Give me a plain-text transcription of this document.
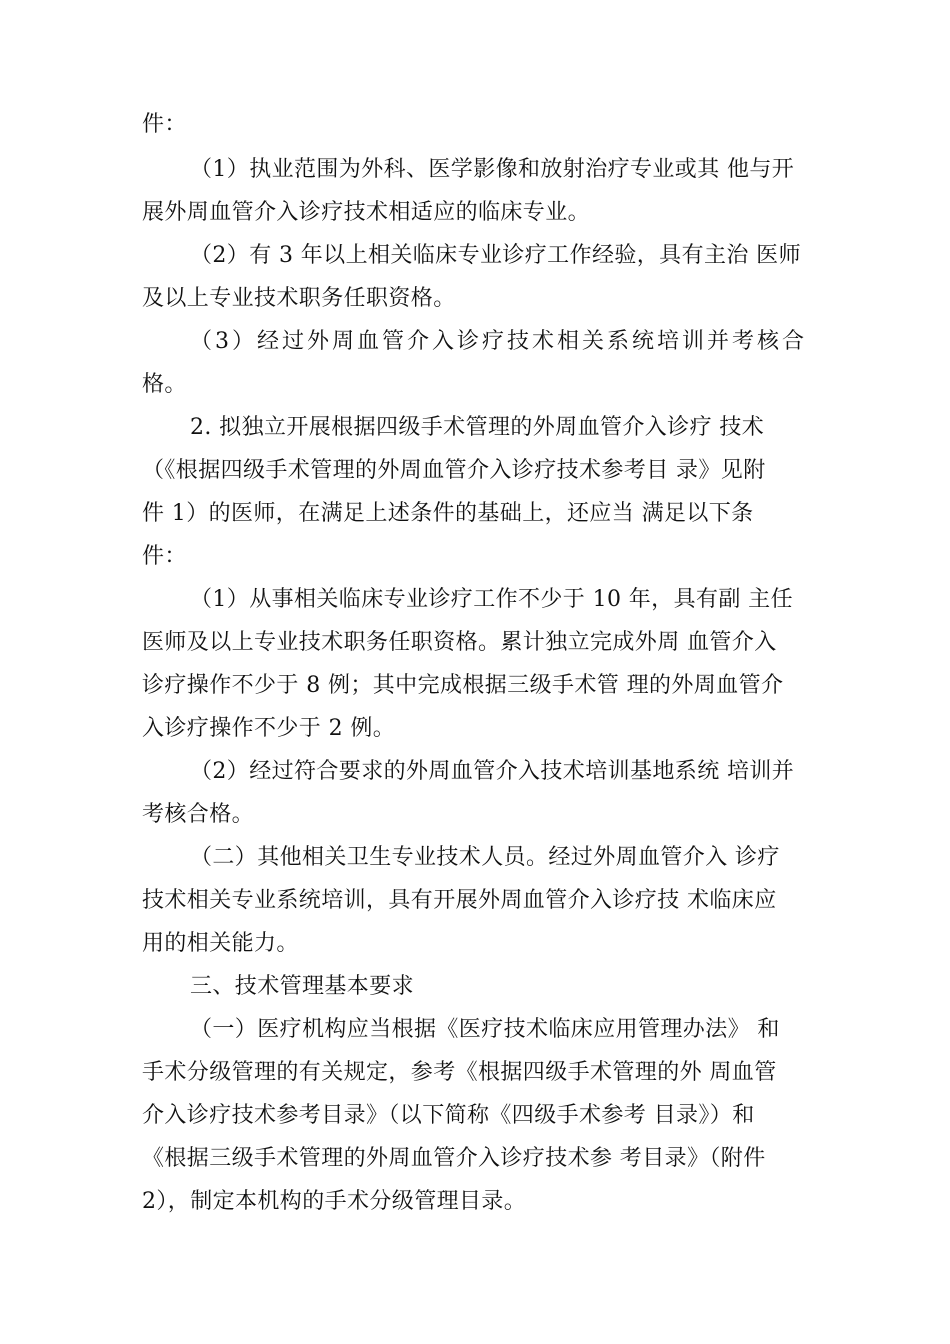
件：
（1）执业范围为外科、医学影像和放射治疗专业或其 他与开
展外周血管介入诊疗技术相适应的临床专业。
（2）有 3 年以上相关临床专业诊疗工作经验，具有主治 医师
及以上专业技术职务任职资格。
（3）经过外周血管介入诊疗技术相关系统培训并考核合
格。
2. 拟独立开展根据四级手术管理的外周血管介入诊疗 技术
（《根据四级手术管理的外周血管介入诊疗技术参考目 录》见附
件 1）的医师，在满足上述条件的基础上，还应当 满足以下条
件：
（1）从事相关临床专业诊疗工作不少于 10 年，具有副 主任
医师及以上专业技术职务任职资格。累计独立完成外周 血管介入
诊疗操作不少于 8 例；其中完成根据三级手术管 理的外周血管介
入诊疗操作不少于 2 例。
（2）经过符合要求的外周血管介入技术培训基地系统 培训并
考核合格。
（二）其他相关卫生专业技术人员。经过外周血管介入 诊疗
技术相关专业系统培训，具有开展外周血管介入诊疗技 术临床应
用的相关能力。
三、技术管理基本要求
（一）医疗机构应当根据《医疗技术临床应用管理办法》 和
手术分级管理的有关规定，参考《根据四级手术管理的外 周血管
介入诊疗技术参考目录》（以下简称《四级手术参考 目录》）和
《根据三级手术管理的外周血管介入诊疗技术参 考目录》（附件
2），制定本机构的手术分级管理目录。
